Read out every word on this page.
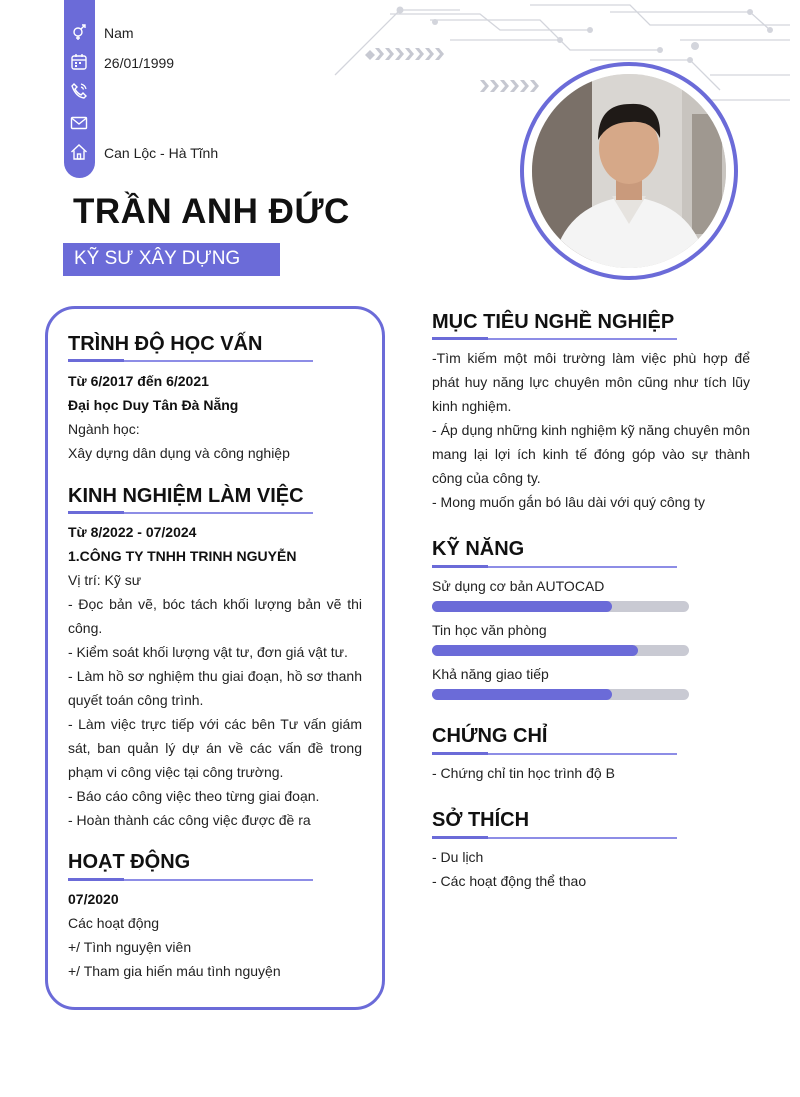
Nam
26/01/1999
Can Lộc - Hà Tĩnh
TRẦN ANH ĐỨC
KỸ SƯ XÂY DỰNG
TRÌNH ĐỘ HỌC VẤN
Từ 6/2017 đến 6/2021
Đại học Duy Tân Đà Nẵng
Ngành học:
Xây dựng dân dụng và công nghiệp
KINH NGHIỆM LÀM VIỆC
Từ 8/2022 - 07/2024
1.CÔNG TY TNHH TRINH NGUYỄN
Vị trí: Kỹ sư
- Đọc bản vẽ, bóc tách khối lượng bản vẽ thi
công.
- Kiểm soát khối lượng vật tư, đơn giá vật tư.
- Làm hồ sơ nghiệm thu giai đoạn, hồ sơ thanh
quyết toán công trình.
- Làm việc trực tiếp với các bên Tư vấn giám
sát, ban quản lý dự án về các vấn đề trong
phạm vi công việc tại công trường.
- Báo cáo công việc theo từng giai đoạn.
- Hoàn thành các công việc được đề ra
HOẠT ĐỘNG
07/2020
Các hoạt động
+/ Tình nguyện viên
+/ Tham gia hiến máu tình nguyện
MỤC TIÊU NGHỀ NGHIỆP
-Tìm kiếm một môi trường làm việc phù hợp để
phát huy năng lực chuyên môn cũng như tích lũy
kinh nghiệm.
- Áp dụng những kinh nghiệm kỹ năng chuyên môn
mang lại lợi ích kinh tế đóng góp vào sự thành
công của công ty.
- Mong muốn gắn bó lâu dài với quý công ty
KỸ NĂNG
Sử dụng cơ bản AUTOCAD
Tin học văn phòng
Khả năng giao tiếp
CHỨNG CHỈ
- Chứng chỉ tin học trình độ B
SỞ THÍCH
- Du lịch
- Các hoạt động thể thao
